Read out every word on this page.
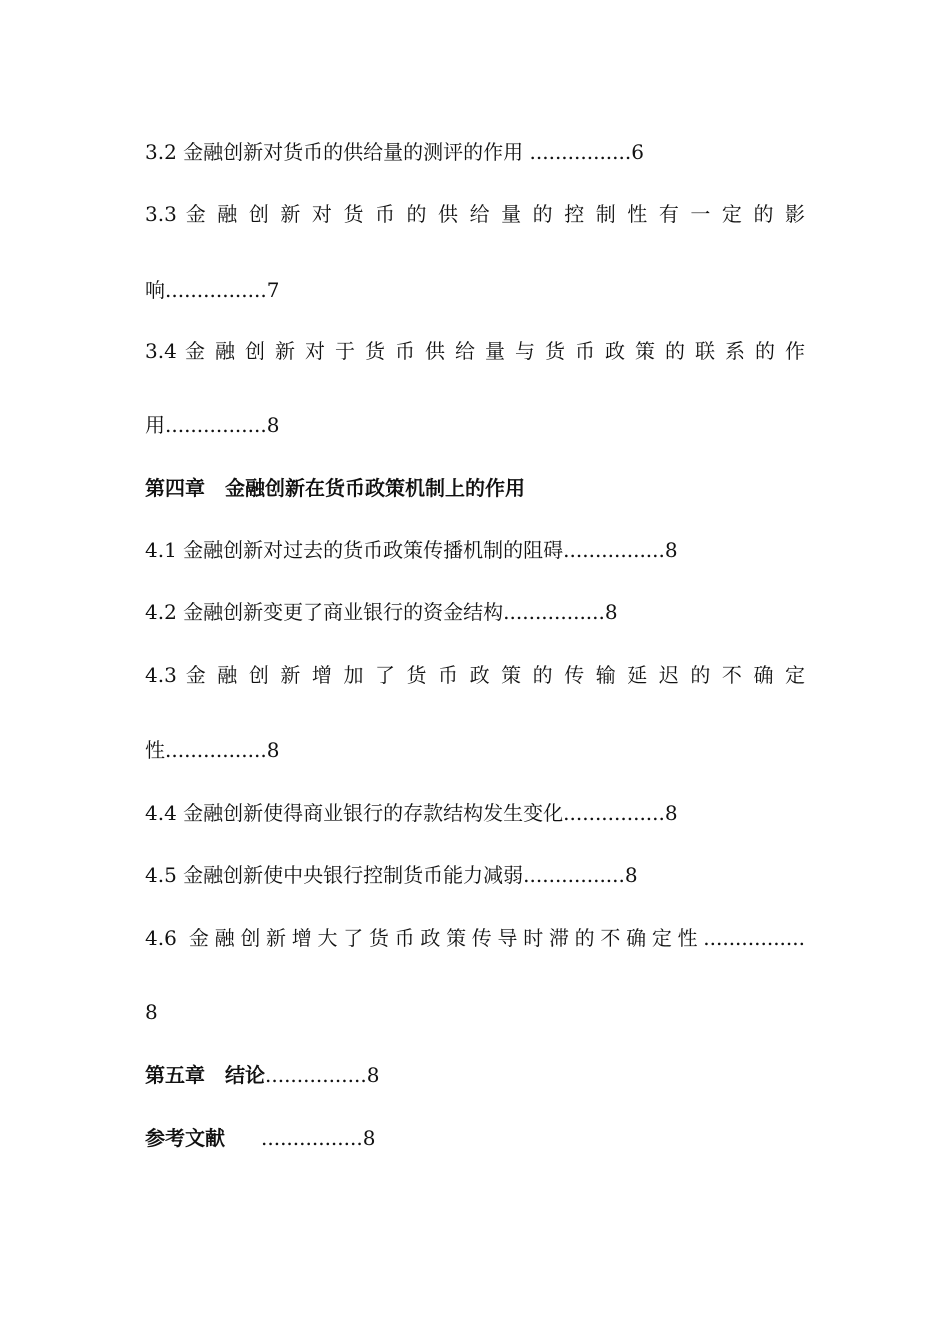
3.2 金融创新对货币的供给量的测评的作用 ................6
3.3 金 融 创 新 对 货 币 的 供 给 量 的 控 制 性 有 一 定 的 影
响................7
3.4 金 融 创 新 对 于 货 币 供 给 量 与 货 币 政 策 的 联 系 的 作
用................8
第四章 金融创新在货币政策机制上的作用
4.1 金融创新对过去的货币政策传播机制的阻碍................8
4.2 金融创新变更了商业银行的资金结构................8
4.3 金 融 创 新 增 加 了 货 币 政 策 的 传 输 延 迟 的 不 确 定
性................8
4.4 金融创新使得商业银行的存款结构发生变化................8
4.5 金融创新使中央银行控制货币能力减弱................8
4.6 金融创新增大了货币政策传导时滞的不确定性................
8
第五章 结论................8
参考文献 ................8
